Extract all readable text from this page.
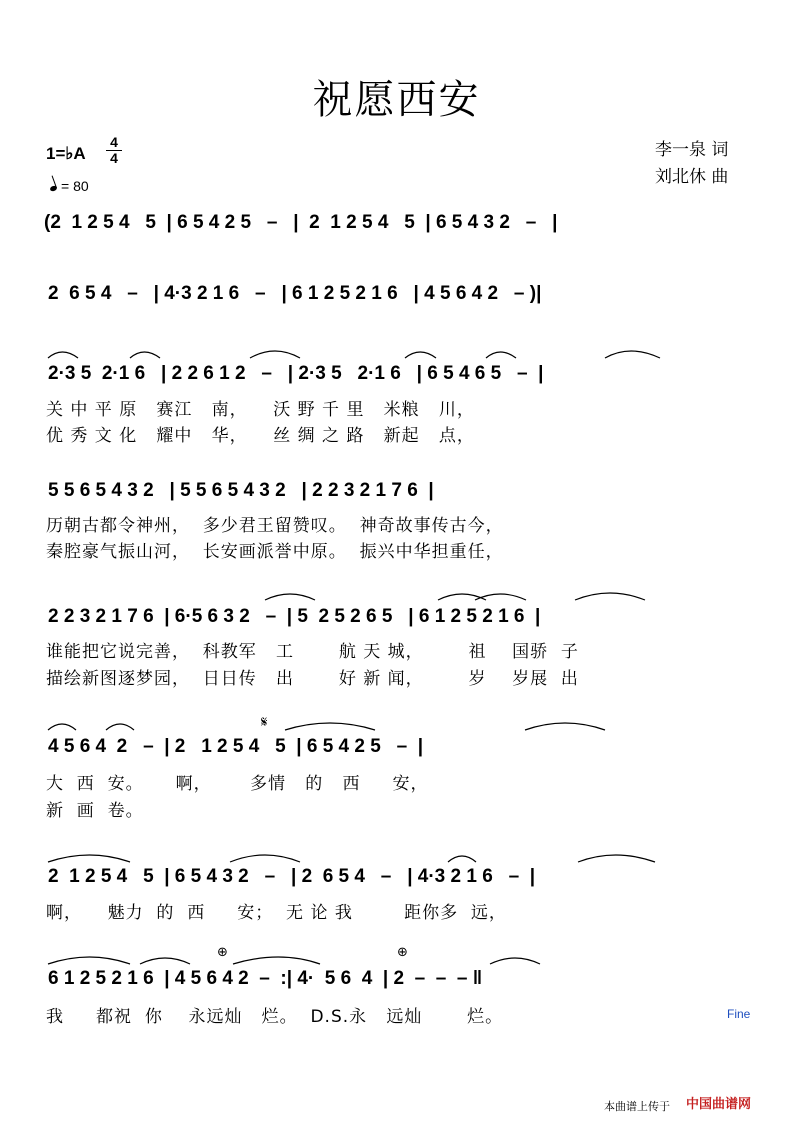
祝愿西安
李一泉 词
刘北休 曲
1=♭A $\frac{4}{4}$
= 80
(2  1 2 5 4   5  | 6 5 4 2 5   –   |  2  1 2 5 4   5  | 6 5 4 3 2   –   |
2  6 5 4   –   | 4·3 2 1 6   –   | 6 1 2 5 2 1 6   | 4 5 6 4 2   – )|
2·3 5  2·1 6   | 2 2 6 1 2   –   | 2·3 5   2·1 6   | 6 5 4 6 5   –  |
关 中 平 原   赛江   南，    沃 野 千 里   米粮   川，
优 秀 文 化   耀中   华，    丝 绸 之 路   新起   点，
5 5 6 5 4 3 2   | 5 5 6 5 4 3 2   | 2 2 3 2 1 7 6  |
历朝古都令神州，  多少君王留赞叹。  神奇故事传古今，
秦腔豪气振山河，  长安画派誉中原。  振兴中华担重任，
2 2 3 2 1 7 6  | 6·5 6 3 2   –  | 5  2 5 2 6 5   | 6 1 2 5 2 1 6  |
谁能把它说完善，  科教军   工       航 天 城，       祖    国骄  子
描绘新图逐梦园，  日日传   出       好 新 闻，       岁    岁展  出
𝄋
4 5 6 4  2   –  | 2   1 2 5 4   5  | 6 5 4 2 5   –  |
大  西  安。     啊，      多情   的   西     安，
新  画  卷。
2  1 2 5 4   5  | 6 5 4 3 2   –   | 2  6 5 4   –   | 4·3 2 1 6   –  |
啊，    魅力  的  西     安；  无 论 我        距你多  远，
⊕	⊕
6 1 2 5 2 1 6  | 4 5 6 4 2  –  :| 4·  5 6  4  | 2  –  –  – ‖
我     都祝  你    永远灿   烂。  D.S.永   远灿       烂。	Fine
本曲谱上传于 中国曲谱网
